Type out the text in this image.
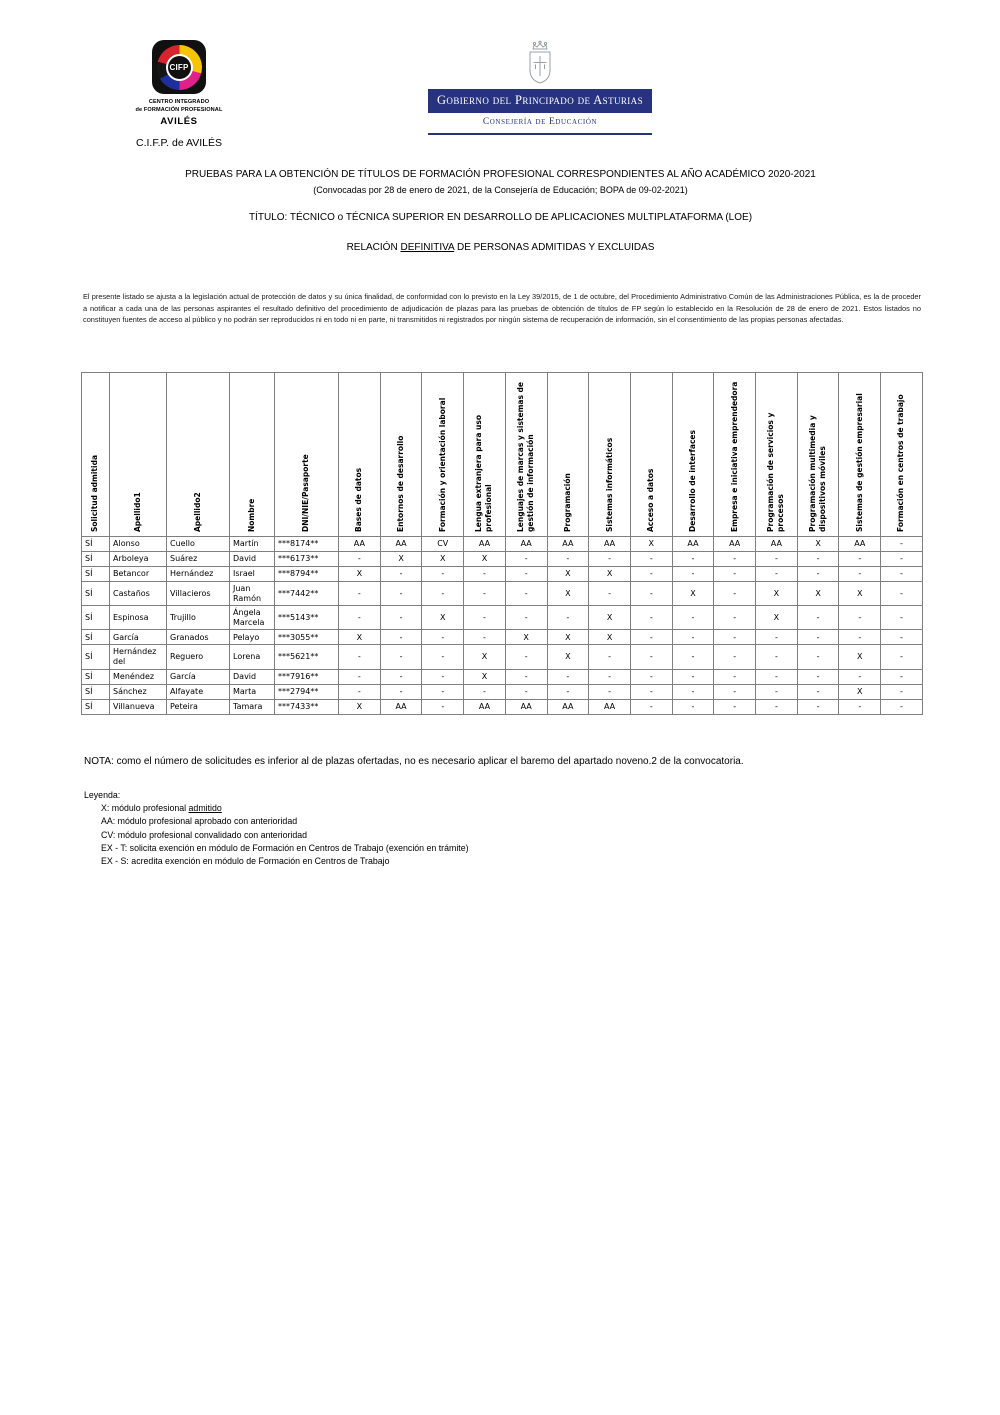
CIFP
CENTRO INTEGRADO
de FORMACIÓN PROFESIONAL
AVILÉS
C.I.F.P. de AVILÉS
Gobierno del Principado de Asturias
Consejería de Educación
PRUEBAS PARA LA OBTENCIÓN DE TÍTULOS DE FORMACIÓN PROFESIONAL CORRESPONDIENTES AL AÑO ACADÉMICO 2020-2021
(Convocadas por 28 de enero de 2021, de la Consejería de Educación; BOPA de 09-02-2021)
TÍTULO: TÉCNICO o TÉCNICA SUPERIOR EN DESARROLLO DE APLICACIONES MULTIPLATAFORMA (LOE)
RELACIÓN DEFINITIVA DE PERSONAS ADMITIDAS Y EXCLUIDAS

El presente listado se ajusta a la legislación actual de protección de datos y su única finalidad, de conformidad con lo previsto en la Ley 39/2015, de 1 de octubre, del Procedimiento Administrativo Común de las Administraciones Pública, es la de proceder a notificar a cada una de las personas aspirantes el resultado definitivo del procedimiento de adjudicación de plazas para las pruebas de obtención de títulos de FP según lo establecido en la Resolución de 28 de enero de 2021. Estos listados no constituyen fuentes de acceso al público y no podrán ser reproducidos ni en todo ni en parte, ni transmitidos ni registrados por ningún sistema de recuperación de información, sin el consentimiento de las propias personas afectadas.

Solicitud admitida	Apellido1	Apellido2	Nombre	DNI/NIE/Pasaporte	Bases de datos	Entornos de desarrollo	Formación y orientación laboral	Lengua extranjera para uso profesional	Lenguajes de marcas y sistemas de gestión de información	Programación	Sistemas informáticos	Acceso a datos	Desarrollo de interfaces	Empresa e iniciativa emprendedora	Programación de servicios y procesos	Programación multimedia y dispositivos móviles	Sistemas de gestión empresarial	Formación en centros de trabajo

SÍ	Alonso	Cuello	Martín	***8174**	AA	AA	CV	AA	AA	AA	AA	X	AA	AA	AA	X	AA	-
SÍ	Arboleya	Suárez	David	***6173**	-	X	X	X	-	-	-	-	-	-	-	-	-	-
SÍ	Betancor	Hernández	Israel	***8794**	X	-	-	-	-	X	X	-	-	-	-	-	-	-
SÍ	Castaños	Villacieros	Juan Ramón	***7442**	-	-	-	-	-	X	-	-	X	-	X	X	X	-
SÍ	Espinosa	Trujillo	Ángela Marcela	***5143**	-	-	X	-	-	-	X	-	-	-	X	-	-	-
SÍ	García	Granados	Pelayo	***3055**	X	-	-	-	X	X	X	-	-	-	-	-	-	-
SÍ	Hernández del	Reguero	Lorena	***5621**	-	-	-	X	-	X	-	-	-	-	-	-	X	-
SÍ	Menéndez	García	David	***7916**	-	-	-	X	-	-	-	-	-	-	-	-	-	-
SÍ	Sánchez	Alfayate	Marta	***2794**	-	-	-	-	-	-	-	-	-	-	-	-	X	-
SÍ	Villanueva	Peteira	Tamara	***7433**	X	AA	-	AA	AA	AA	AA	-	-	-	-	-	-	-

NOTA: como el número de solicitudes es inferior al de plazas ofertadas, no es necesario aplicar el baremo del apartado noveno.2 de la convocatoria.

Leyenda:
X: módulo profesional admitido
AA: módulo profesional aprobado con anterioridad
CV: módulo profesional convalidado con anterioridad
EX - T: solicita exención en módulo de Formación en Centros de Trabajo (exención en trámite)
EX - S: acredita exención en módulo de Formación en Centros de Trabajo
